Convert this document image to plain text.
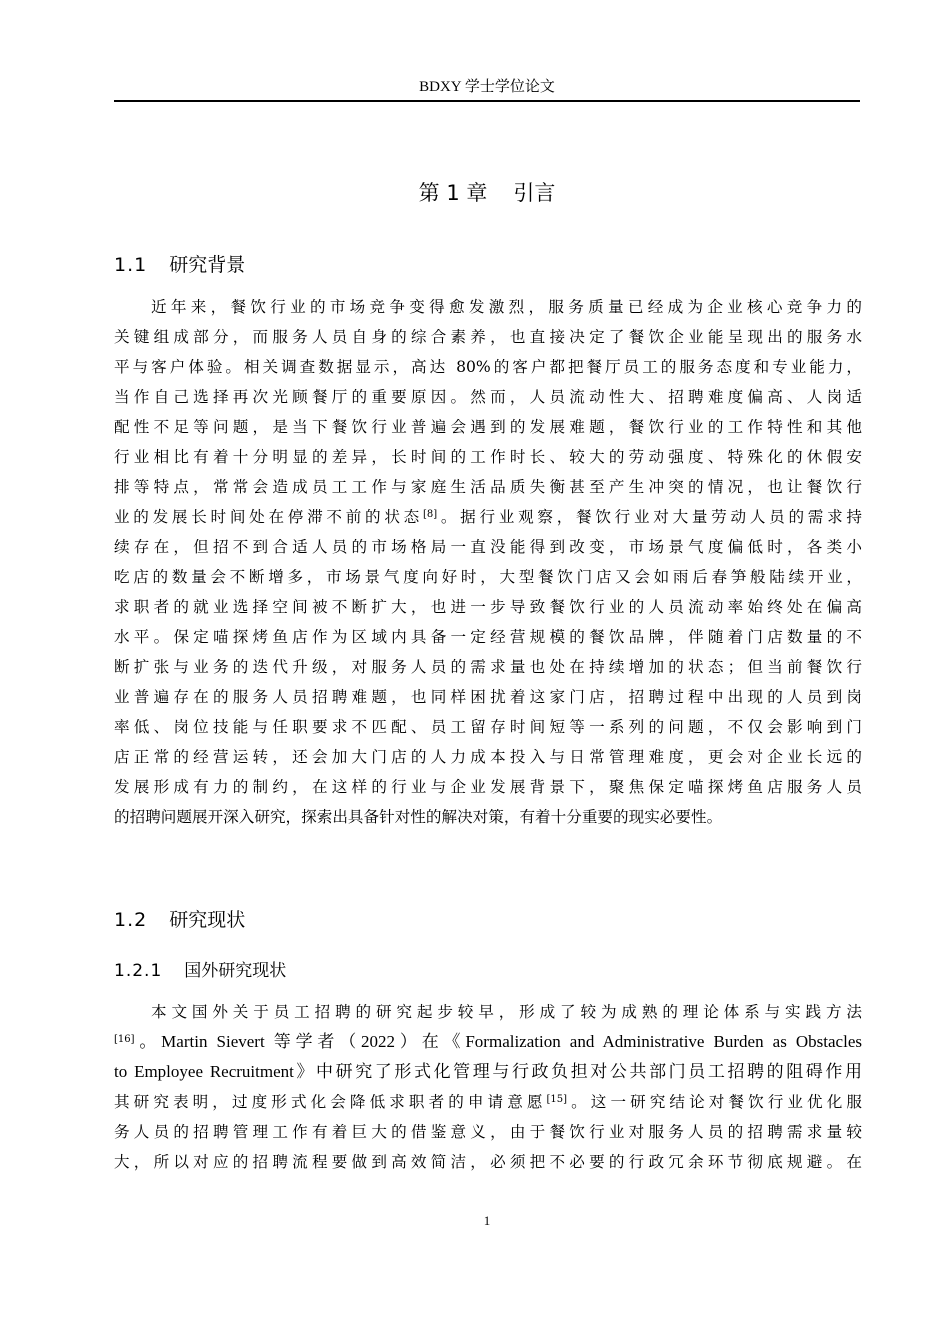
BDXY 学士学位论文
第 1 章 引言
1.1 研究背景
近年来，餐饮行业的市场竞争变得愈发激烈，服务质量已经成为企业核心竞争力的
关键组成部分，而服务人员自身的综合素养，也直接决定了餐饮企业能呈现出的服务水
平与客户体验。相关调查数据显示，高达 80%的客户都把餐厅员工的服务态度和专业能力，
当作自己选择再次光顾餐厅的重要原因。然而，人员流动性大、招聘难度偏高、人岗适
配性不足等问题，是当下餐饮行业普遍会遇到的发展难题，餐饮行业的工作特性和其他
行业相比有着十分明显的差异，长时间的工作时长、较大的劳动强度、特殊化的休假安
排等特点，常常会造成员工工作与家庭生活品质失衡甚至产生冲突的情况，也让餐饮行
业的发展长时间处在停滞不前的状态[8]。据行业观察，餐饮行业对大量劳动人员的需求持
续存在，但招不到合适人员的市场格局一直没能得到改变，市场景气度偏低时，各类小
吃店的数量会不断增多，市场景气度向好时，大型餐饮门店又会如雨后春笋般陆续开业，
求职者的就业选择空间被不断扩大，也进一步导致餐饮行业的人员流动率始终处在偏高
水平。保定喵探烤鱼店作为区域内具备一定经营规模的餐饮品牌，伴随着门店数量的不
断扩张与业务的迭代升级，对服务人员的需求量也处在持续增加的状态；但当前餐饮行
业普遍存在的服务人员招聘难题，也同样困扰着这家门店，招聘过程中出现的人员到岗
率低、岗位技能与任职要求不匹配、员工留存时间短等一系列的问题，不仅会影响到门
店正常的经营运转，还会加大门店的人力成本投入与日常管理难度，更会对企业长远的
发展形成有力的制约，在这样的行业与企业发展背景下，聚焦保定喵探烤鱼店服务人员
的招聘问题展开深入研究，探索出具备针对性的解决对策，有着十分重要的现实必要性。
1.2 研究现状
1.2.1 国外研究现状
本文国外关于员工招聘的研究起步较早，形成了较为成熟的理论体系与实践方法
[16]。Martin Sievert 等学者（2022）在《Formalization and Administrative Burden as Obstacles
to Employee Recruitment》中研究了形式化管理与行政负担对公共部门员工招聘的阻碍作用
其研究表明，过度形式化会降低求职者的申请意愿[15]。这一研究结论对餐饮行业优化服
务人员的招聘管理工作有着巨大的借鉴意义，由于餐饮行业对服务人员的招聘需求量较
大，所以对应的招聘流程要做到高效简洁，必须把不必要的行政冗余环节彻底规避。在
1
